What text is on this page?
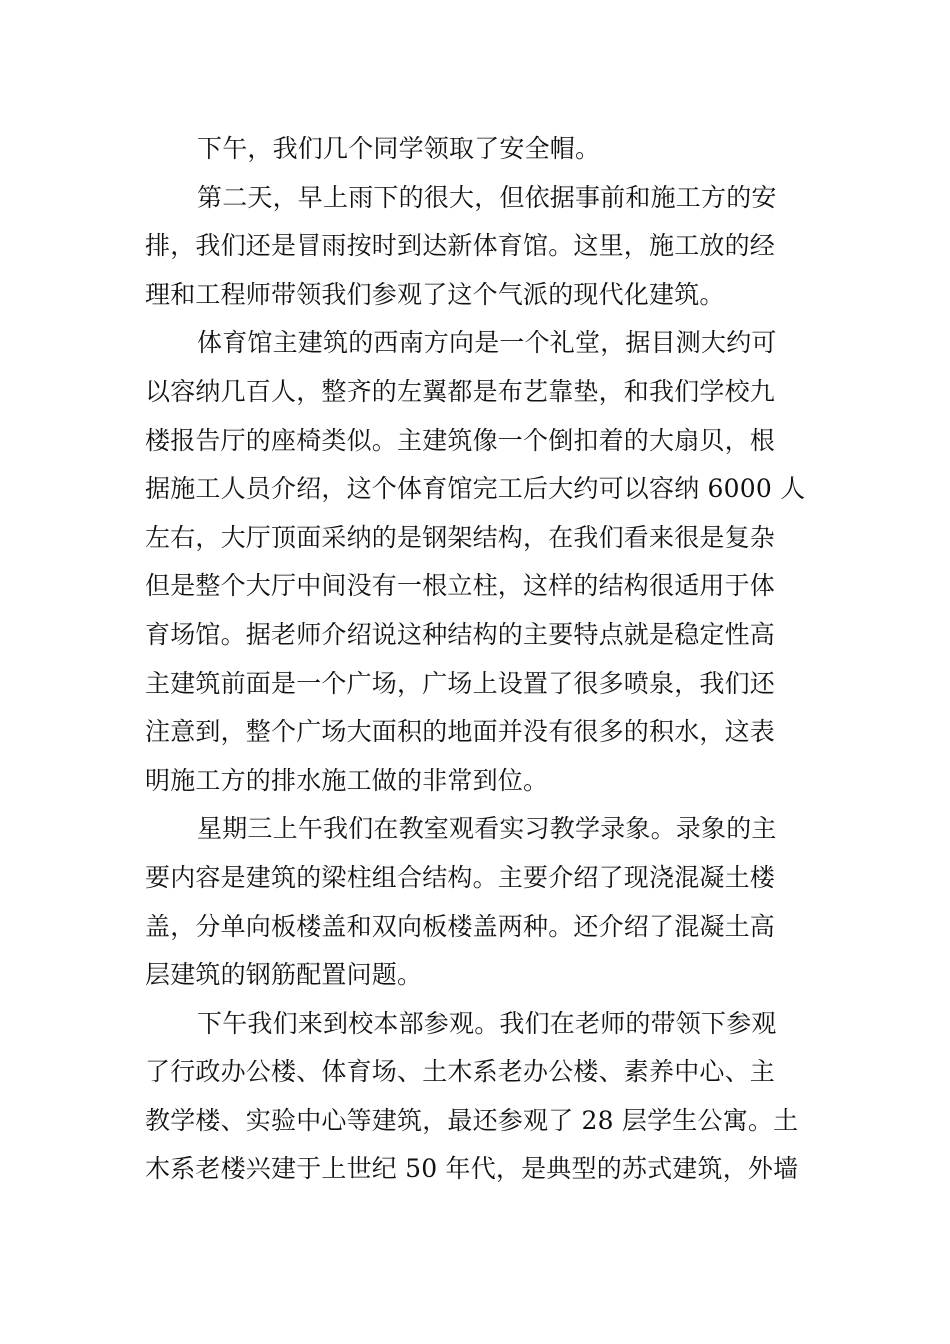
下午，我们几个同学领取了安全帽。
第二天，早上雨下的很大，但依据事前和施工方的安
排，我们还是冒雨按时到达新体育馆。这里，施工放的经
理和工程师带领我们参观了这个气派的现代化建筑。
体育馆主建筑的西南方向是一个礼堂，据目测大约可
以容纳几百人，整齐的左翼都是布艺靠垫，和我们学校九
楼报告厅的座椅类似。主建筑像一个倒扣着的大扇贝，根
据施工人员介绍，这个体育馆完工后大约可以容纳 6000 人
左右，大厅顶面采纳的是钢架结构，在我们看来很是复杂
但是整个大厅中间没有一根立柱，这样的结构很适用于体
育场馆。据老师介绍说这种结构的主要特点就是稳定性高
主建筑前面是一个广场，广场上设置了很多喷泉，我们还
注意到，整个广场大面积的地面并没有很多的积水，这表
明施工方的排水施工做的非常到位。
星期三上午我们在教室观看实习教学录象。录象的主
要内容是建筑的梁柱组合结构。主要介绍了现浇混凝土楼
盖，分单向板楼盖和双向板楼盖两种。还介绍了混凝土高
层建筑的钢筋配置问题。
下午我们来到校本部参观。我们在老师的带领下参观
了行政办公楼、体育场、土木系老办公楼、素养中心、主
教学楼、实验中心等建筑，最还参观了 28 层学生公寓。土
木系老楼兴建于上世纪 50 年代，是典型的苏式建筑，外墙
